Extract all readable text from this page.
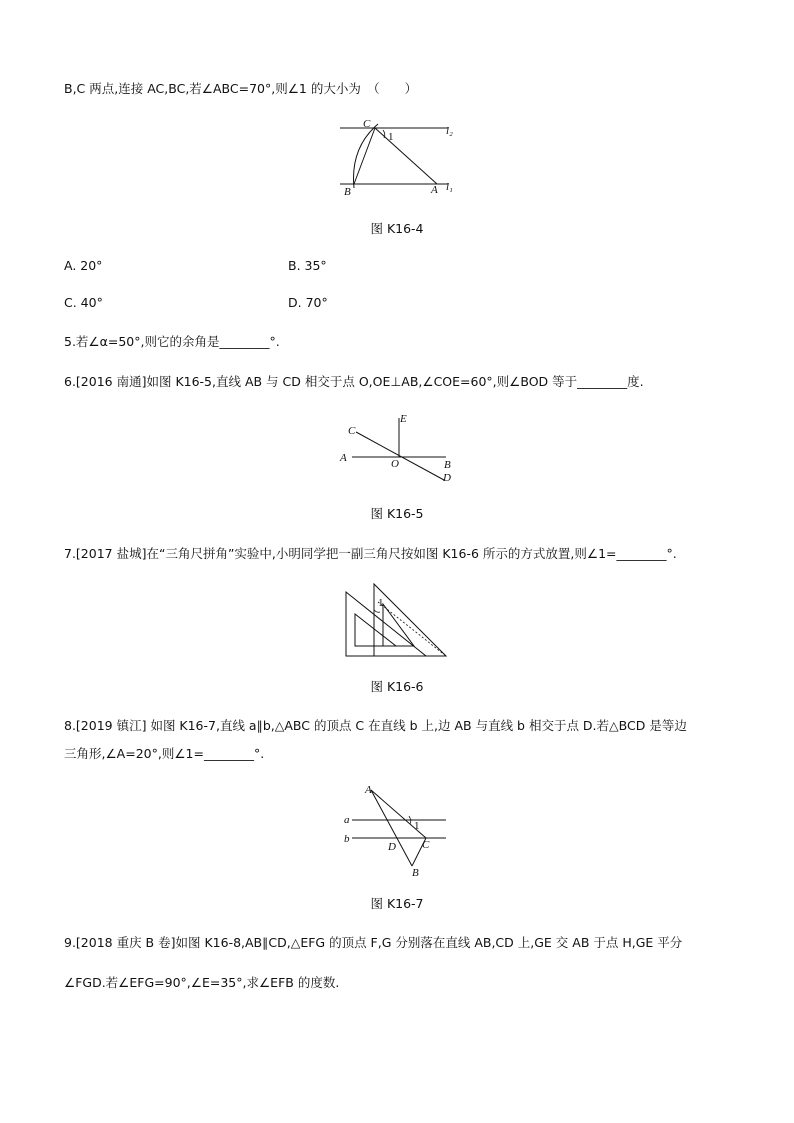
B,C 两点,连接 AC,BC,若∠ABC=70°,则∠1 的大小为　（　　）
C
1	l₂
B	A l₁
图 K16-4
A. 20°	B. 35°
C. 40°	D. 70°
5.若∠α=50°,则它的余角是________°.
6.[2016 南通]如图 K16-5,直线 AB 与 CD 相交于点 O,OE⊥AB,∠COE=60°,则∠BOD 等于________度.
C
E
A	O	B
D
图 K16-5
7.[2017 盐城]在“三角尺拼角”实验中,小明同学把一副三角尺按如图 K16-6 所示的方式放置,则∠1=________°.
1
图 K16-6
8.[2019 镇江] 如图 K16-7,直线 a∥b,△ABC 的顶点 C 在直线 b 上,边 AB 与直线 b 相交于点 D.若△BCD 是等边
三角形,∠A=20°,则∠1=________°.
A
a
b
1
D C
B
图 K16-7
9.[2018 重庆 B 卷]如图 K16-8,AB∥CD,△EFG 的顶点 F,G 分别落在直线 AB,CD 上,GE 交 AB 于点 H,GE 平分
∠FGD.若∠EFG=90°,∠E=35°,求∠EFB 的度数.
